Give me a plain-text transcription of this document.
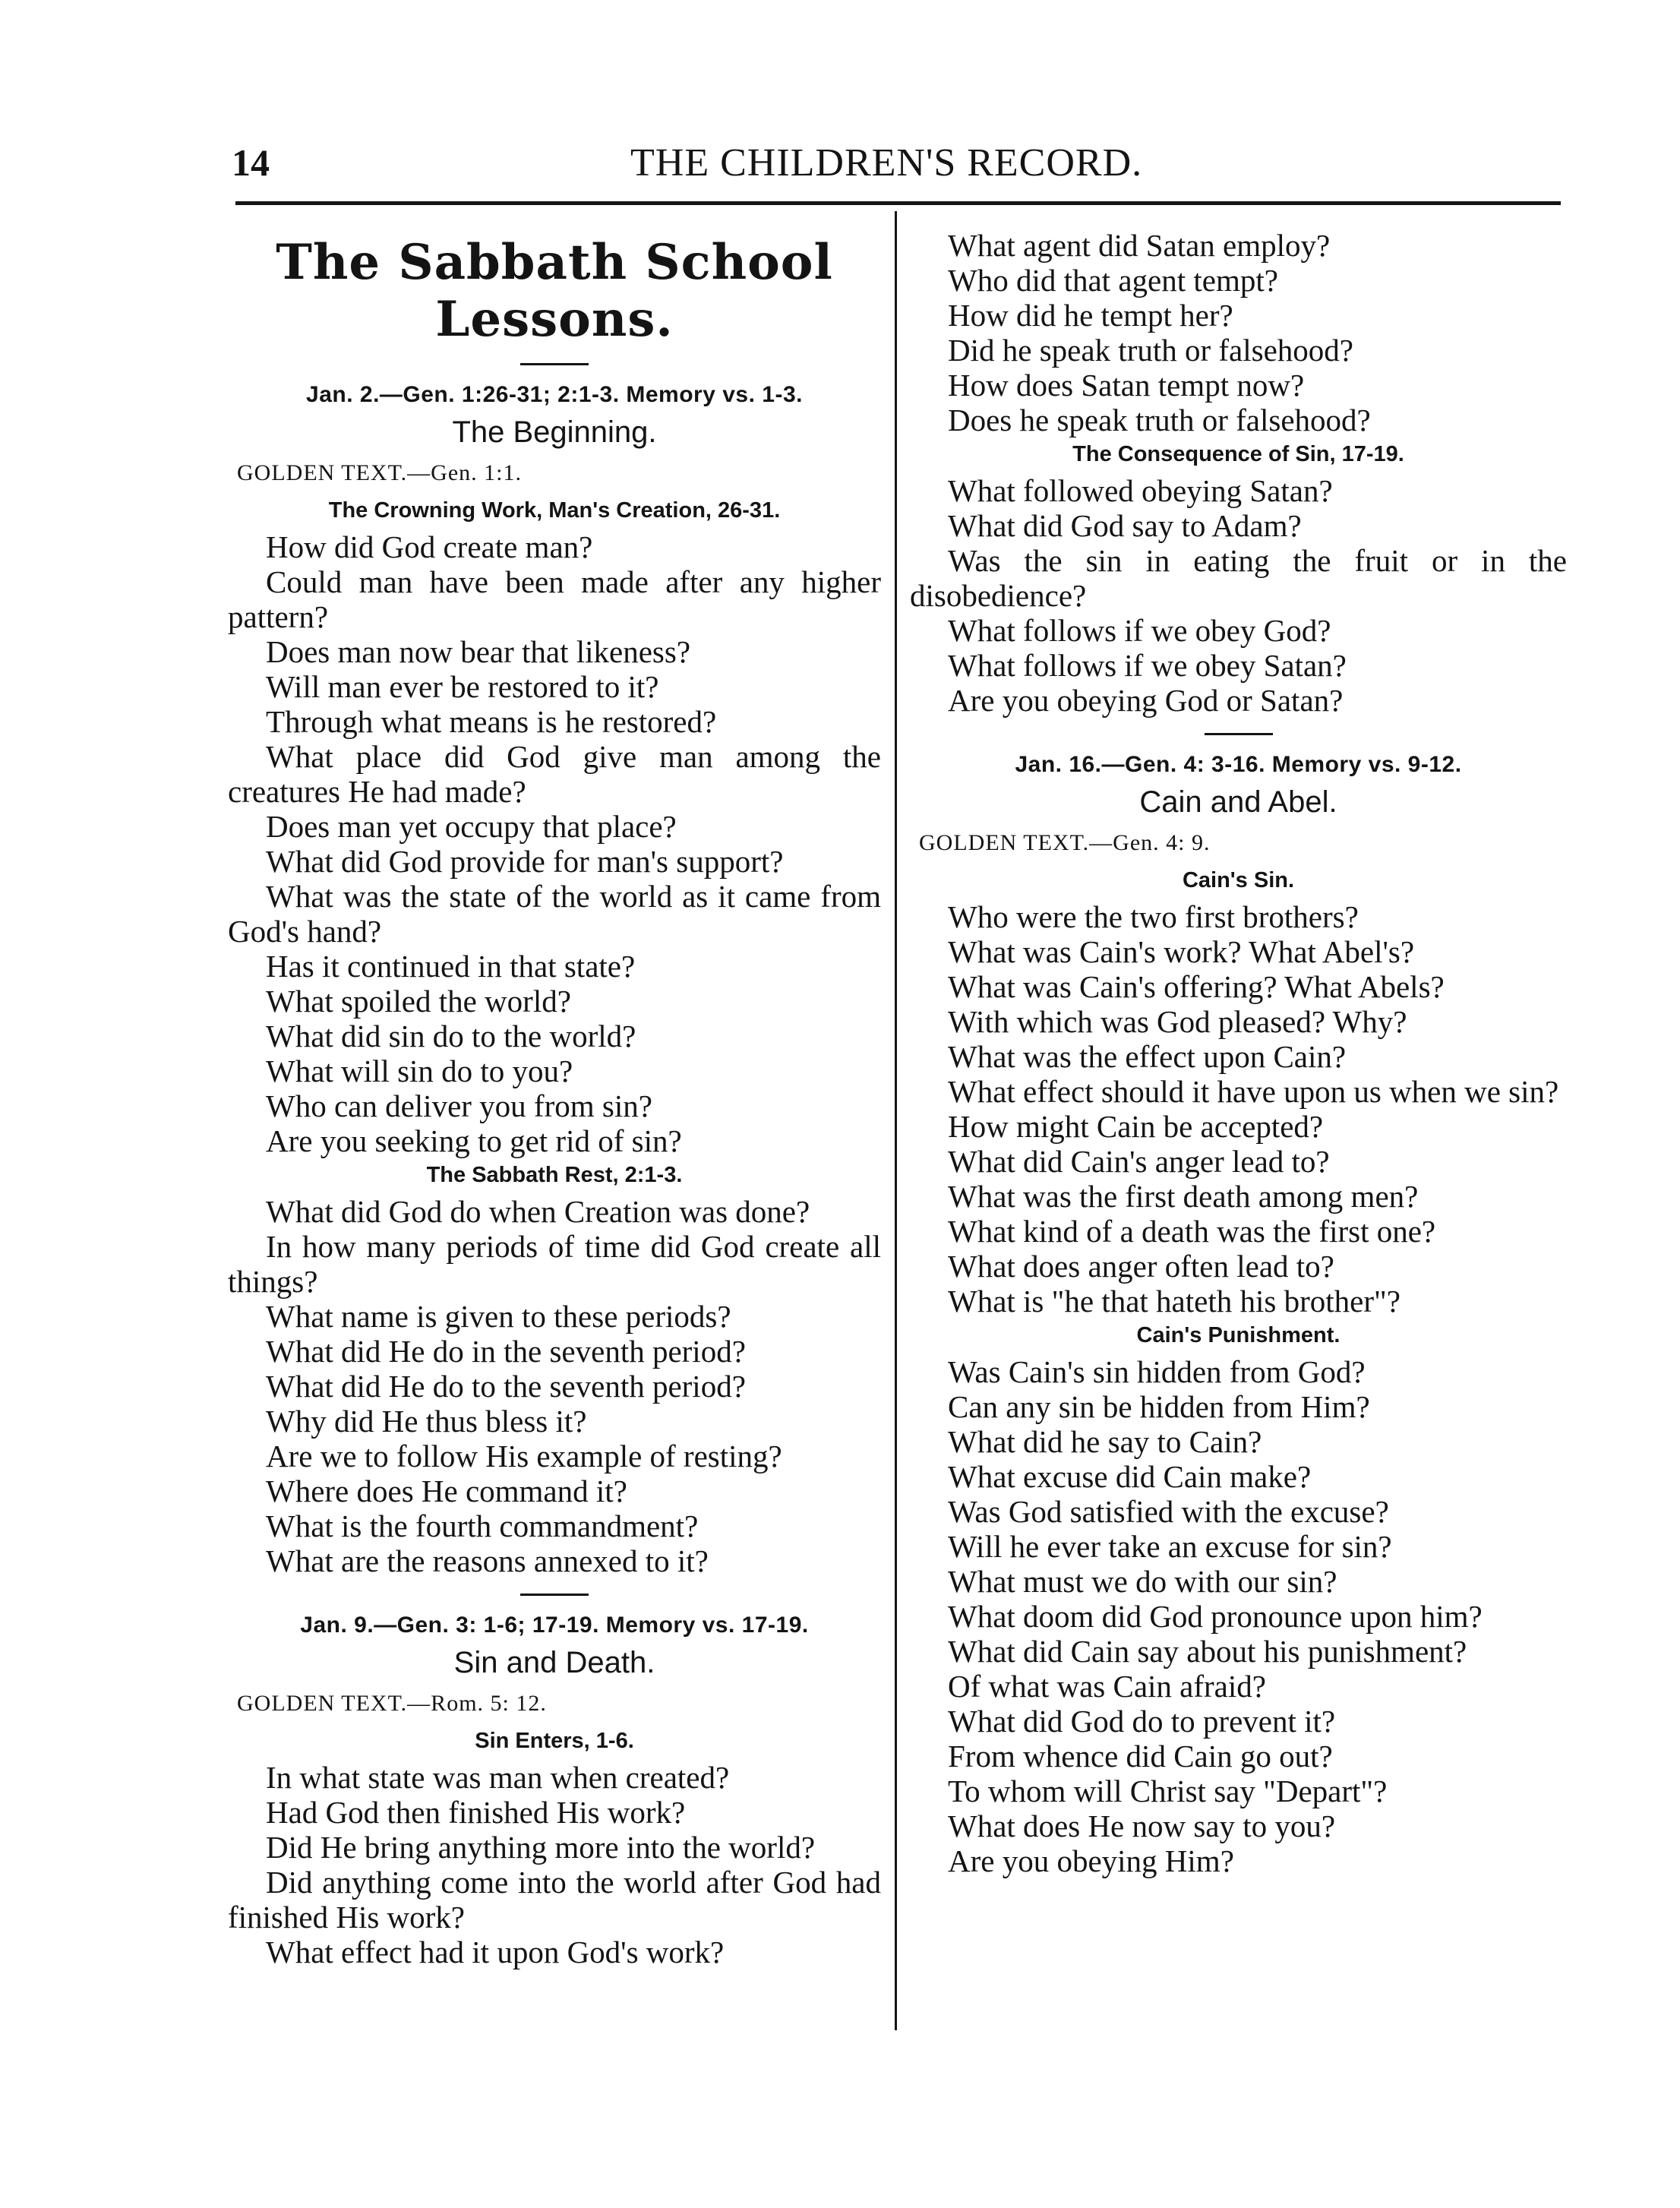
14	THE CHILDREN'S RECORD.
The Sabbath School Lessons.
Jan. 2.—Gen. 1:26-31; 2:1-3. Memory vs. 1-3.
The Beginning.
GOLDEN TEXT.—Gen. 1:1.
The Crowning Work, Man's Creation, 26-31.

How did God create man?

Could man have been made after any higher pattern?

Does man now bear that likeness?

Will man ever be restored to it?

Through what means is he restored?

What place did God give man among the creatures He had made?

Does man yet occupy that place?

What did God provide for man's support?

What was the state of the world as it came from God's hand?

Has it continued in that state?

What spoiled the world?

What did sin do to the world?

What will sin do to you?

Who can deliver you from sin?

Are you seeking to get rid of sin?

The Sabbath Rest, 2:1-3.

What did God do when Creation was done?

In how many periods of time did God create all things?

What name is given to these periods?

What did He do in the seventh period?

What did He do to the seventh period?

Why did He thus bless it?

Are we to follow His example of resting?

Where does He command it?

What is the fourth commandment?

What are the reasons annexed to it?

Jan. 9.—Gen. 3: 1-6; 17-19. Memory vs. 17-19.
Sin and Death.
GOLDEN TEXT.—Rom. 5: 12.
Sin Enters, 1-6.

In what state was man when created?

Had God then finished His work?

Did He bring anything more into the world?

Did anything come into the world after God had finished His work?

What effect had it upon God's work?

What agent did Satan employ?

Who did that agent tempt?

How did he tempt her?

Did he speak truth or falsehood?

How does Satan tempt now?

Does he speak truth or falsehood?

The Consequence of Sin, 17-19.

What followed obeying Satan?

What did God say to Adam?

Was the sin in eating the fruit or in the disobedience?

What follows if we obey God?

What follows if we obey Satan?

Are you obeying God or Satan?

Jan. 16.—Gen. 4: 3-16. Memory vs. 9-12.
Cain and Abel.
GOLDEN TEXT.—Gen. 4: 9.
Cain's Sin.

Who were the two first brothers?

What was Cain's work? What Abel's?

What was Cain's offering? What Abels?

With which was God pleased? Why?

What was the effect upon Cain?

What effect should it have upon us when we sin?

How might Cain be accepted?

What did Cain's anger lead to?

What was the first death among men?

What kind of a death was the first one?

What does anger often lead to?

What is "he that hateth his brother"?

Cain's Punishment.

Was Cain's sin hidden from God?

Can any sin be hidden from Him?

What did he say to Cain?

What excuse did Cain make?

Was God satisfied with the excuse?

Will he ever take an excuse for sin?

What must we do with our sin?

What doom did God pronounce upon him?

What did Cain say about his punishment?

Of what was Cain afraid?

What did God do to prevent it?

From whence did Cain go out?

To whom will Christ say "Depart"?

What does He now say to you?

Are you obeying Him?
